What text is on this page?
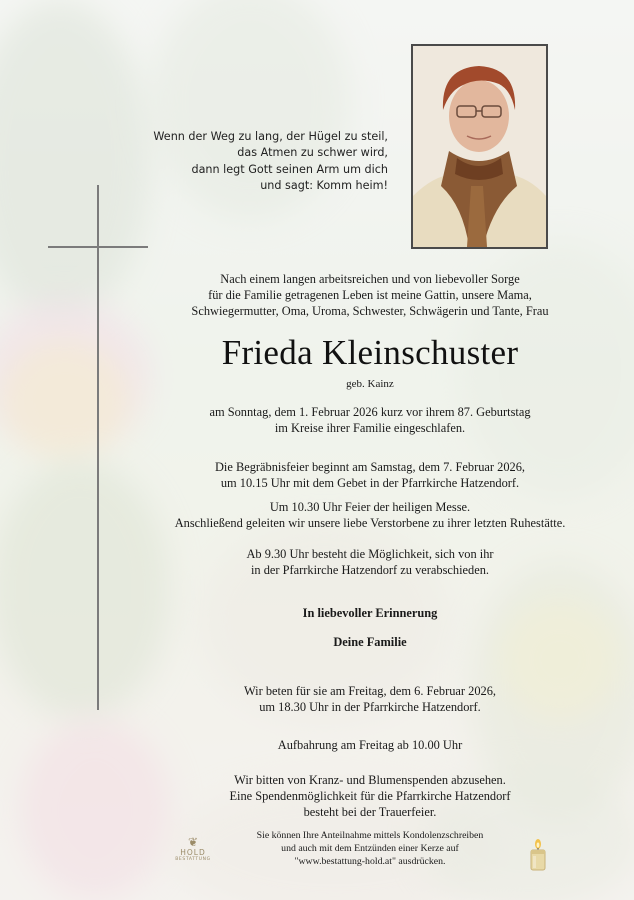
Wenn der Weg zu lang, der Hügel zu steil,
das Atmen zu schwer wird,
dann legt Gott seinen Arm um dich
und sagt: Komm heim!
Nach einem langen arbeitsreichen und von liebevoller Sorge
für die Familie getragenen Leben ist meine Gattin, unsere Mama,
Schwiegermutter, Oma, Uroma, Schwester, Schwägerin und Tante, Frau
Frieda Kleinschuster
geb. Kainz
am Sonntag, dem 1. Februar 2026 kurz vor ihrem 87. Geburtstag
im Kreise ihrer Familie eingeschlafen.
Die Begräbnisfeier beginnt am Samstag, dem 7. Februar 2026,
um 10.15 Uhr mit dem Gebet in der Pfarrkirche Hatzendorf.
Um 10.30 Uhr Feier der heiligen Messe.
Anschließend geleiten wir unsere liebe Verstorbene zu ihrer letzten Ruhestätte.
Ab 9.30 Uhr besteht die Möglichkeit, sich von ihr
in der Pfarrkirche Hatzendorf zu verabschieden.
In liebevoller Erinnerung
Deine Familie
Wir beten für sie am Freitag, dem 6. Februar 2026,
um 18.30 Uhr in der Pfarrkirche Hatzendorf.
Aufbahrung am Freitag ab 10.00 Uhr
Wir bitten von Kranz- und Blumenspenden abzusehen.
Eine Spendenmöglichkeit für die Pfarrkirche Hatzendorf
besteht bei der Trauerfeier.
Sie können Ihre Anteilnahme mittels Kondolenzschreiben
und auch mit dem Entzünden einer Kerze auf
"www.bestattung-hold.at" ausdrücken.
❦
HOLD
BESTATTUNG
